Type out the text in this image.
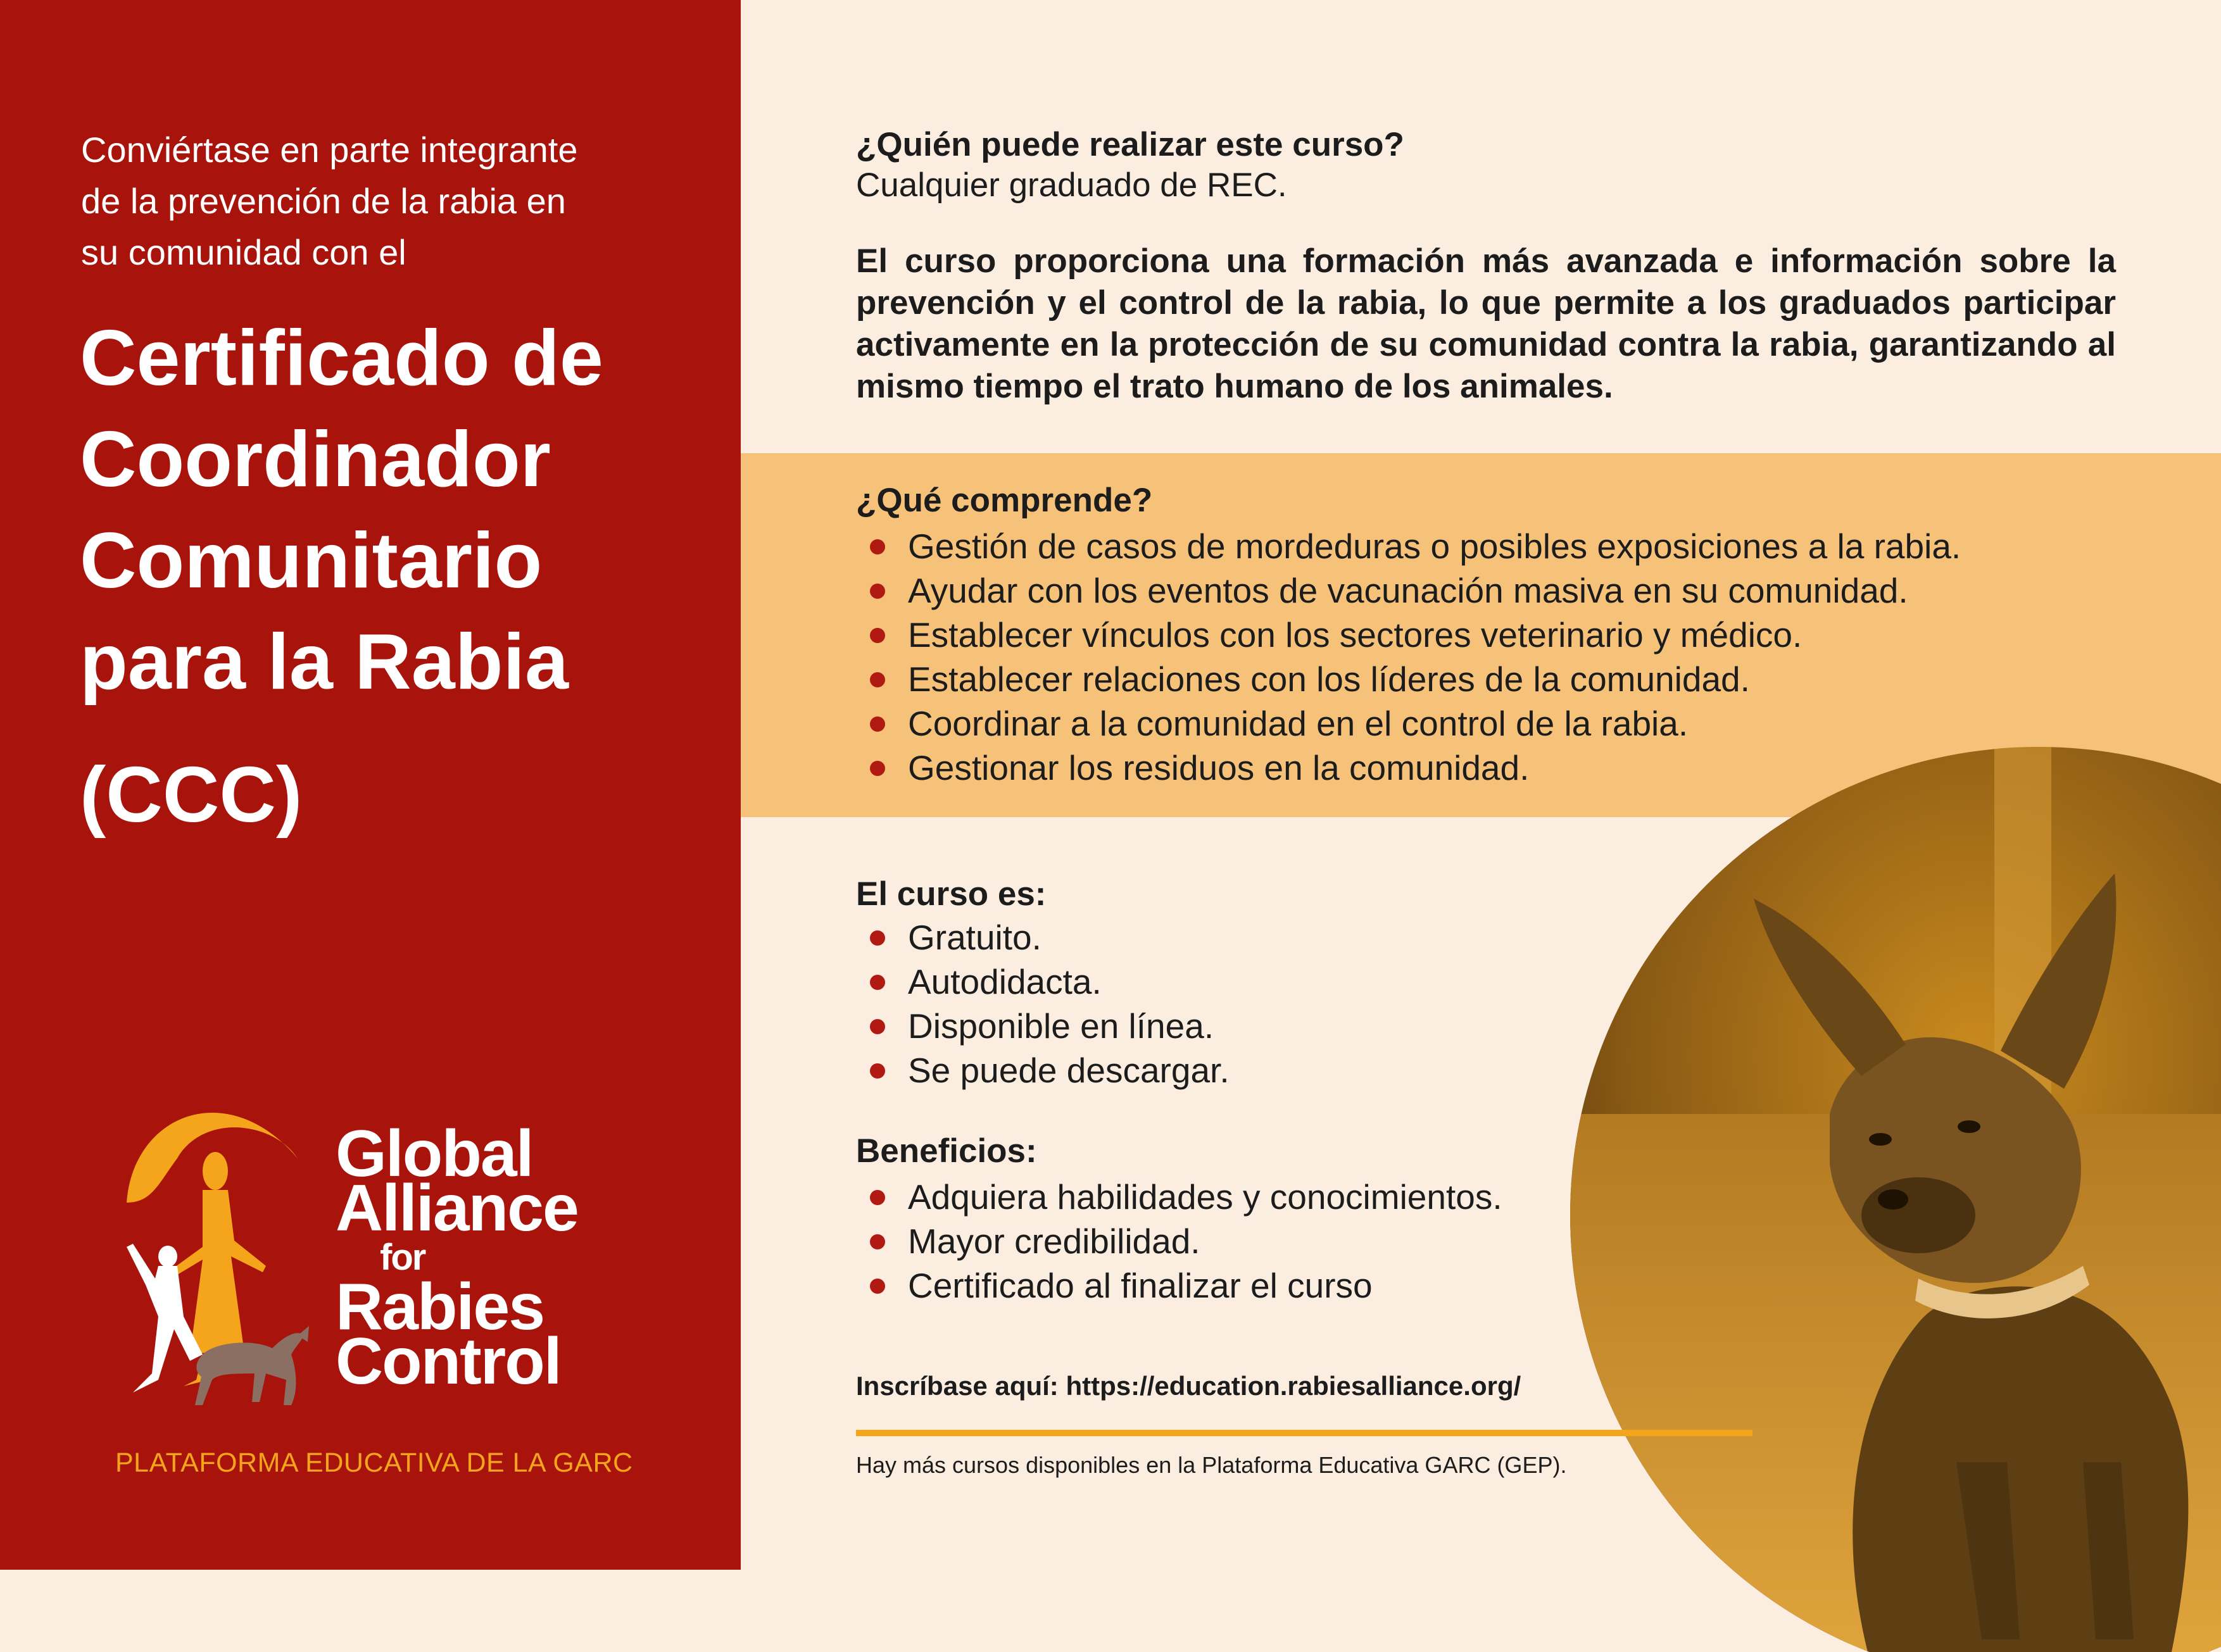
Conviértase en parte integrante
de la prevención de la rabia en
su comunidad con el

Certificado de
Coordinador
Comunitario
para la Rabia

(CCC)

Global
Alliance
for
Rabies
Control

PLATAFORMA EDUCATIVA DE LA GARC

¿Quién puede realizar este curso?

Cualquier graduado de REC.

El curso proporciona una formación más avanzada e información sobre la prevención y el control de la rabia, lo que permite a los graduados participar activamente en la protección de su comunidad contra la rabia, garantizando al mismo tiempo el trato humano de los animales.

¿Qué comprende?
Gestión de casos de mordeduras o posibles exposiciones a la rabia.
Ayudar con los eventos de vacunación masiva en su comunidad.
Establecer vínculos con los sectores veterinario y médico.
Establecer relaciones con los líderes de la comunidad.
Coordinar a la comunidad en el control de la rabia.
Gestionar los residuos en la comunidad.
El curso es:
Gratuito.
Autodidacta.
Disponible en línea.
Se puede descargar.
Beneficios:
Adquiera habilidades y conocimientos.
Mayor credibilidad.
Certificado al finalizar el curso

Inscríbase aquí: https://education.rabiesalliance.org/

Hay más cursos disponibles en la Plataforma Educativa GARC (GEP).
